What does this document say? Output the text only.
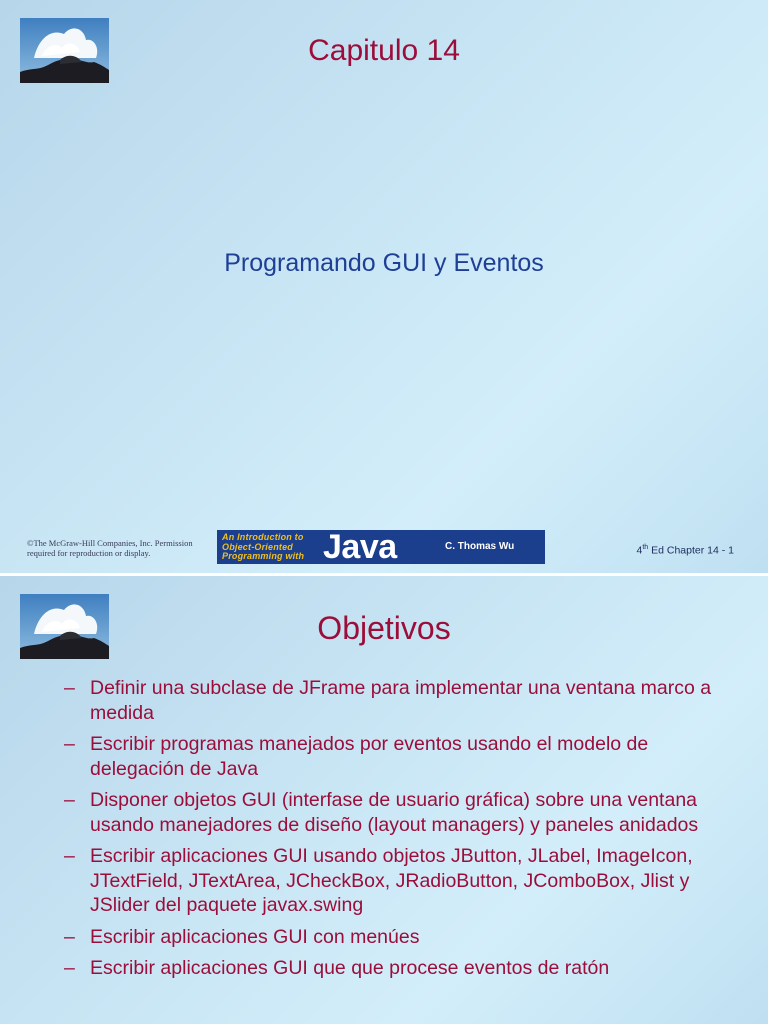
Capitulo 14
Programando GUI y Eventos
©The McGraw-Hill Companies, Inc. Permission
required for reproduction or display.
An Introduction to
Object-Oriented
Programming with Java	C. Thomas Wu	4th Ed Chapter 14 - 1
Objetivos
– Definir una subclase de JFrame para implementar una ventana marco a medida
– Escribir programas manejados por eventos usando el modelo de delegación de Java
– Disponer objetos GUI (interfase de usuario gráfica) sobre una ventana usando manejadores de diseño (layout managers) y paneles anidados
– Escribir aplicaciones GUI usando objetos JButton, JLabel, ImageIcon, JTextField, JTextArea, JCheckBox, JRadioButton, JComboBox, Jlist y JSlider del paquete javax.swing
– Escribir aplicaciones GUI con menúes
– Escribir aplicaciones GUI que que procese eventos de ratón
